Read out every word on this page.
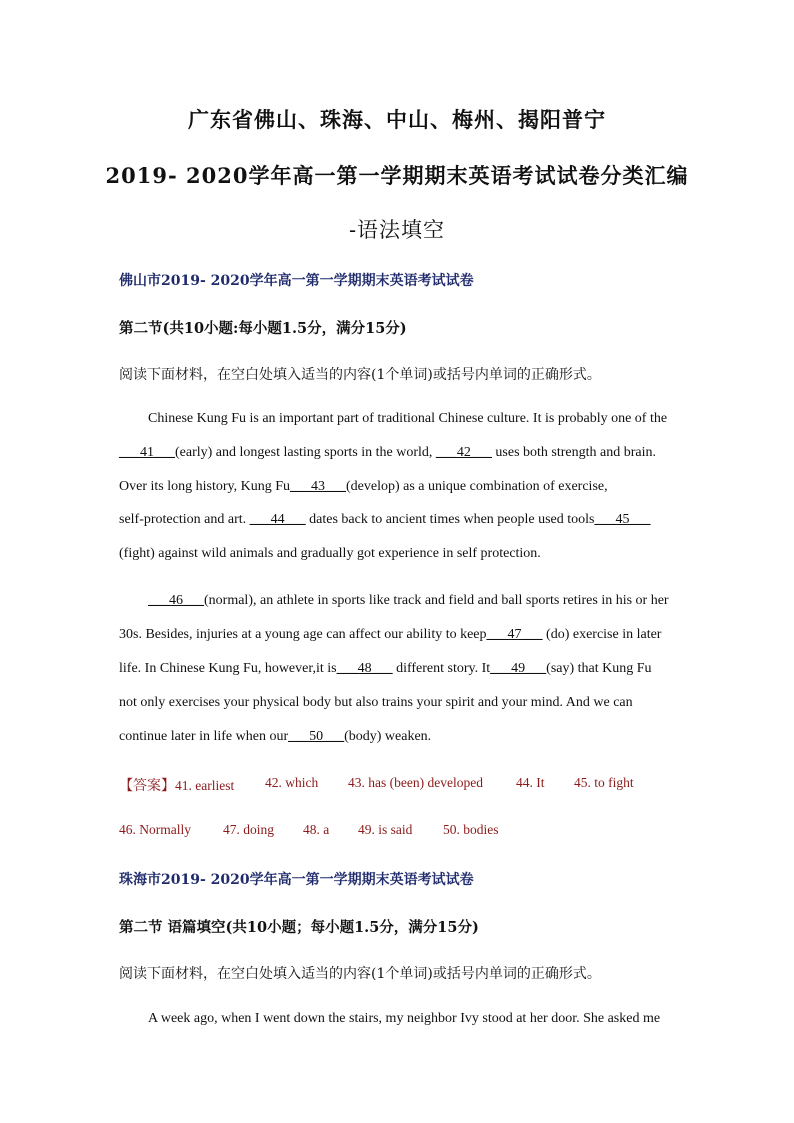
广东省佛山、珠海、中山、梅州、揭阳普宁
2019- 2020学年高一第一学期期末英语考试试卷分类汇编
-语法填空
佛山市2019- 2020学年高一第一学期期末英语考试试卷
第二节(共10小题:每小题1.5分，满分15分)
阅读下面材料，在空白处填入适当的内容(1个单词)或括号内单词的正确形式。
Chinese Kung Fu is an important part of traditional Chinese culture. It is probably one of the
___41___(early) and longest lasting sports in the world, ___42___ uses both strength and brain.
Over its long history, Kung Fu___43___(develop) as a unique combination of exercise,
self-protection and art. ___44___ dates back to ancient times when people used tools___45___
(fight) against wild animals and gradually got experience in self protection.
___46___(normal), an athlete in sports like track and field and ball sports retires in his or her
30s. Besides, injuries at a young age can affect our ability to keep___47___ (do) exercise in later
life. In Chinese Kung Fu, however,it is___48___ different story. It___49___(say) that Kung Fu
not only exercises your physical body but also trains your spirit and your mind. And we can
continue later in life when our___50___(body) weaken.
【答案】41. earliest 42. which 43. has (been) developed 44. It 45. to fight
46. Normally 47. doing 48. a 49. is said 50. bodies
珠海市2019- 2020学年高一第一学期期末英语考试试卷
第二节 语篇填空(共10小题；每小题1.5分，满分15分)
阅读下面材料，在空白处填入适当的内容(1个单词)或括号内单词的正确形式。
A week ago, when I went down the stairs, my neighbor Ivy stood at her door. She asked me
